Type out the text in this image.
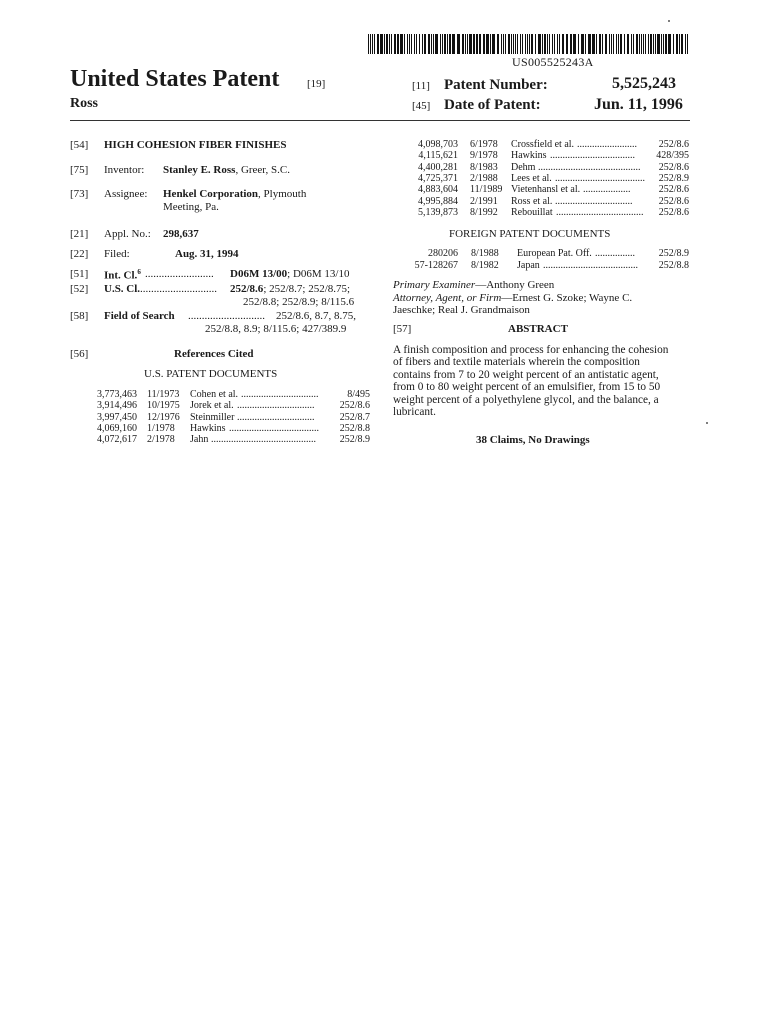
US005525243A
United States Patent	[19]
Ross
[11] Patent Number:	5,525,243
[45] Date of Patent:	Jun. 11, 1996
[54] HIGH COHESION FIBER FINISHES
[75] Inventor: Stanley E. Ross, Greer, S.C.
[73] Assignee: Henkel Corporation, Plymouth
Meeting, Pa.
[21] Appl. No.: 298,637
[22] Filed:	Aug. 31, 1994
[51] Int. Cl.$^6$ .........................	D06M 13/00; D06M 13/10
[52] U.S. Cl. ............................	252/8.6; 252/8.7; 252/8.75;
252/8.8; 252/8.9; 8/115.6
[58] Field of Search ............................	252/8.6, 8.7, 8.75,
252/8.8, 8.9; 8/115.6; 427/389.9
[56]	References Cited
U.S. PATENT DOCUMENTS
3,773,463 11/1973 Cohen et al.	8/495
...............................
3,914,496 10/1975 Jorek et al.	252/8.6
...............................
3,997,450 12/1976 Steinmiller	252/8.7
...............................
4,069,160 1/1978 Hawkins	252/8.8
....................................
4,072,617 2/1978 Jahn	252/8.9
..........................................
4,098,703 6/1978 Crossfield et al.	252/8.6
........................
4,115,621 9/1978 Hawkins	428/395
..................................
4,400,281 8/1983 Dehm	252/8.6
.........................................
4,725,371 2/1988 Lees et al.	252/8.9
....................................
4,883,604 11/1989 Vietenhansl et al.	252/8.6
...................
4,995,884 2/1991 Ross et al.	252/8.6
...............................
5,139,873 8/1992 Rebouillat	252/8.6
...................................
FOREIGN PATENT DOCUMENTS
280206 8/1988 European Pat. Off.	252/8.9
................
57-128267 8/1982 Japan	252/8.8
......................................
Primary Examiner—Anthony Green
Attorney, Agent, or Firm—Ernest G. Szoke; Wayne C.
Jaeschke; Real J. Grandmaison
[57]	ABSTRACT
A finish composition and process for enhancing the cohesion
of fibers and textile materials wherein the composition
contains from 7 to 20 weight percent of an antistatic agent,
from 0 to 80 weight percent of an emulsifier, from 15 to 50
weight percent of a polyethylene glycol, and the balance, a
lubricant.
38 Claims, No Drawings
